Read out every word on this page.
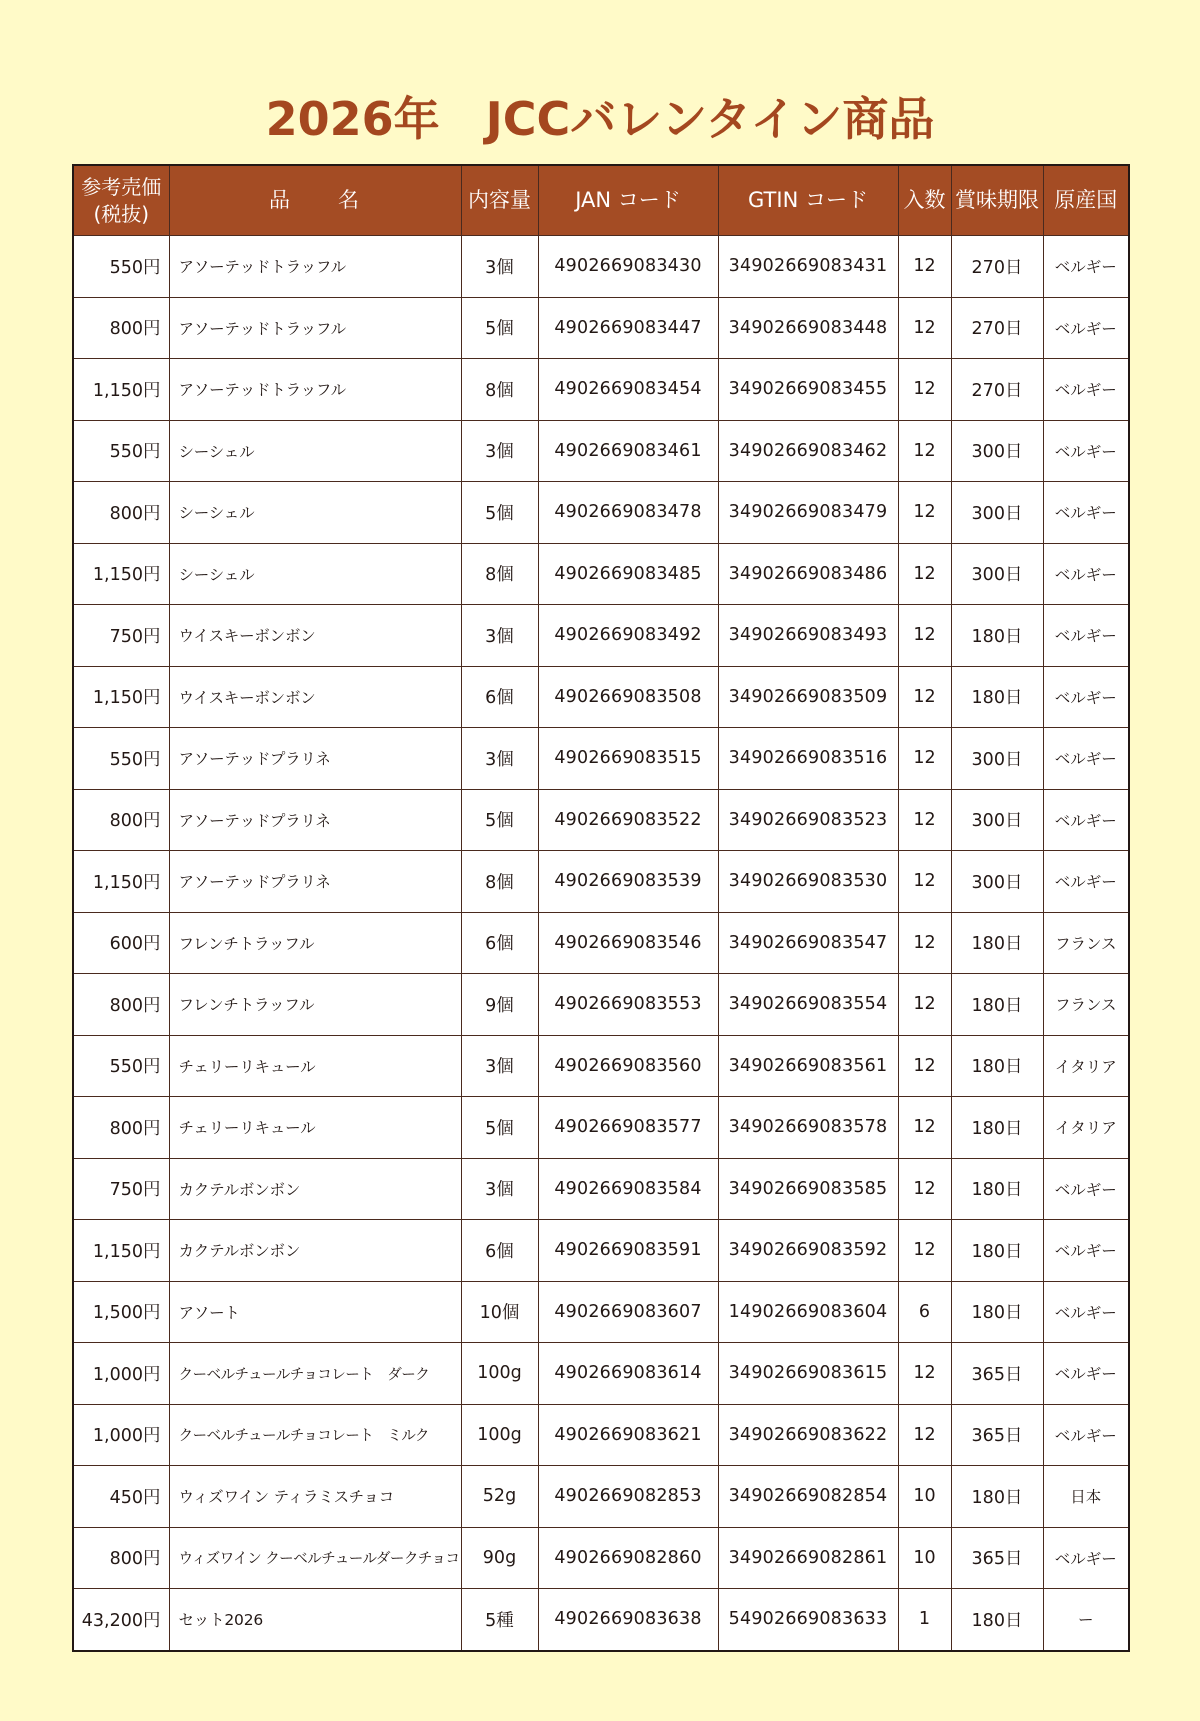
2026年　JCCバレンタイン商品
参考売価
(税抜)	品　　名	内容量	JAN コード	GTIN コード	入数	賞味期限	原産国
550円	アソーテッドトラッフル	3個	4902669083430	34902669083431	12	270日	ベルギー
800円	アソーテッドトラッフル	5個	4902669083447	34902669083448	12	270日	ベルギー
1,150円	アソーテッドトラッフル	8個	4902669083454	34902669083455	12	270日	ベルギー
550円	シーシェル	3個	4902669083461	34902669083462	12	300日	ベルギー
800円	シーシェル	5個	4902669083478	34902669083479	12	300日	ベルギー
1,150円	シーシェル	8個	4902669083485	34902669083486	12	300日	ベルギー
750円	ウイスキーボンボン	3個	4902669083492	34902669083493	12	180日	ベルギー
1,150円	ウイスキーボンボン	6個	4902669083508	34902669083509	12	180日	ベルギー
550円	アソーテッドプラリネ	3個	4902669083515	34902669083516	12	300日	ベルギー
800円	アソーテッドプラリネ	5個	4902669083522	34902669083523	12	300日	ベルギー
1,150円	アソーテッドプラリネ	8個	4902669083539	34902669083530	12	300日	ベルギー
600円	フレンチトラッフル	6個	4902669083546	34902669083547	12	180日	フランス
800円	フレンチトラッフル	9個	4902669083553	34902669083554	12	180日	フランス
550円	チェリーリキュール	3個	4902669083560	34902669083561	12	180日	イタリア
800円	チェリーリキュール	5個	4902669083577	34902669083578	12	180日	イタリア
750円	カクテルボンボン	3個	4902669083584	34902669083585	12	180日	ベルギー
1,150円	カクテルボンボン	6個	4902669083591	34902669083592	12	180日	ベルギー
1,500円	アソート	10個	4902669083607	14902669083604	6	180日	ベルギー
1,000円	クーベルチュールチョコレート　ダーク	100g	4902669083614	34902669083615	12	365日	ベルギー
1,000円	クーベルチュールチョコレート　ミルク	100g	4902669083621	34902669083622	12	365日	ベルギー
450円	ウィズワイン ティラミスチョコ	52g	4902669082853	34902669082854	10	180日	日本
800円	ウィズワイン クーベルチュールダークチョコ	90g	4902669082860	34902669082861	10	365日	ベルギー
43,200円	セット2026	5種	4902669083638	54902669083633	1	180日	ー
